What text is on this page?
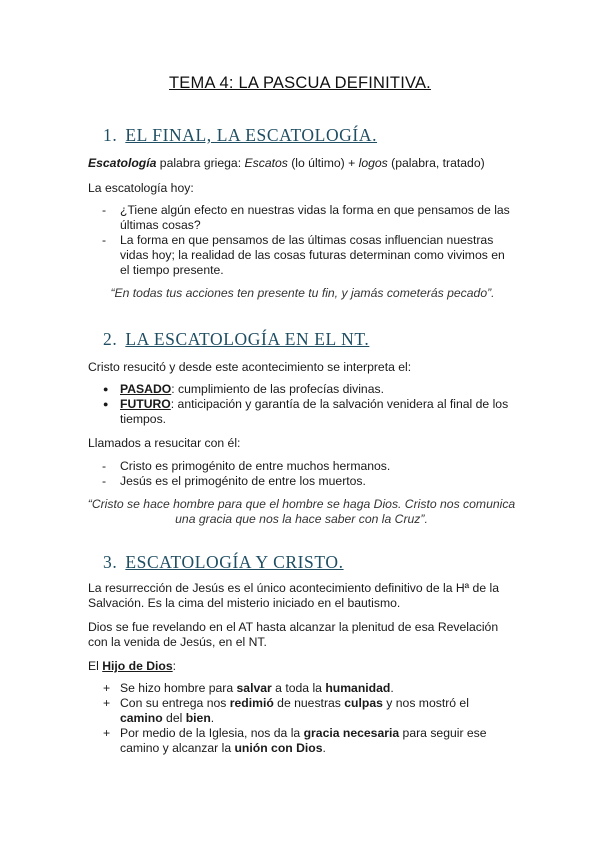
TEMA 4: LA PASCUA DEFINITIVA.
1. EL FINAL, LA ESCATOLOGÍA.
Escatología palabra griega: Escatos (lo último) + logos (palabra, tratado)
La escatología hoy:
- ¿Tiene algún efecto en nuestras vidas la forma en que pensamos de las últimas cosas?
- La forma en que pensamos de las últimas cosas influencian nuestras vidas hoy; la realidad de las cosas futuras determinan como vivimos en el tiempo presente.
“En todas tus acciones ten presente tu fin, y jamás cometerás pecado”.
2. LA ESCATOLOGÍA EN EL NT.
Cristo resucitó y desde este acontecimiento se interpreta el:
● PASADO: cumplimiento de las profecías divinas.
● FUTURO: anticipación y garantía de la salvación venidera al final de los tiempos.
Llamados a resucitar con él:
- Cristo es primogénito de entre muchos hermanos.
- Jesús es el primogénito de entre los muertos.
“Cristo se hace hombre para que el hombre se haga Dios. Cristo nos comunica una gracia que nos la hace saber con la Cruz”.
3. ESCATOLOGÍA Y CRISTO.
La resurrección de Jesús es el único acontecimiento definitivo de la Hª de la Salvación. Es la cima del misterio iniciado en el bautismo.
Dios se fue revelando en el AT hasta alcanzar la plenitud de esa Revelación con la venida de Jesús, en el NT.
El Hijo de Dios:
+ Se hizo hombre para salvar a toda la humanidad.
+ Con su entrega nos redimió de nuestras culpas y nos mostró el camino del bien.
+ Por medio de la Iglesia, nos da la gracia necesaria para seguir ese camino y alcanzar la unión con Dios.
